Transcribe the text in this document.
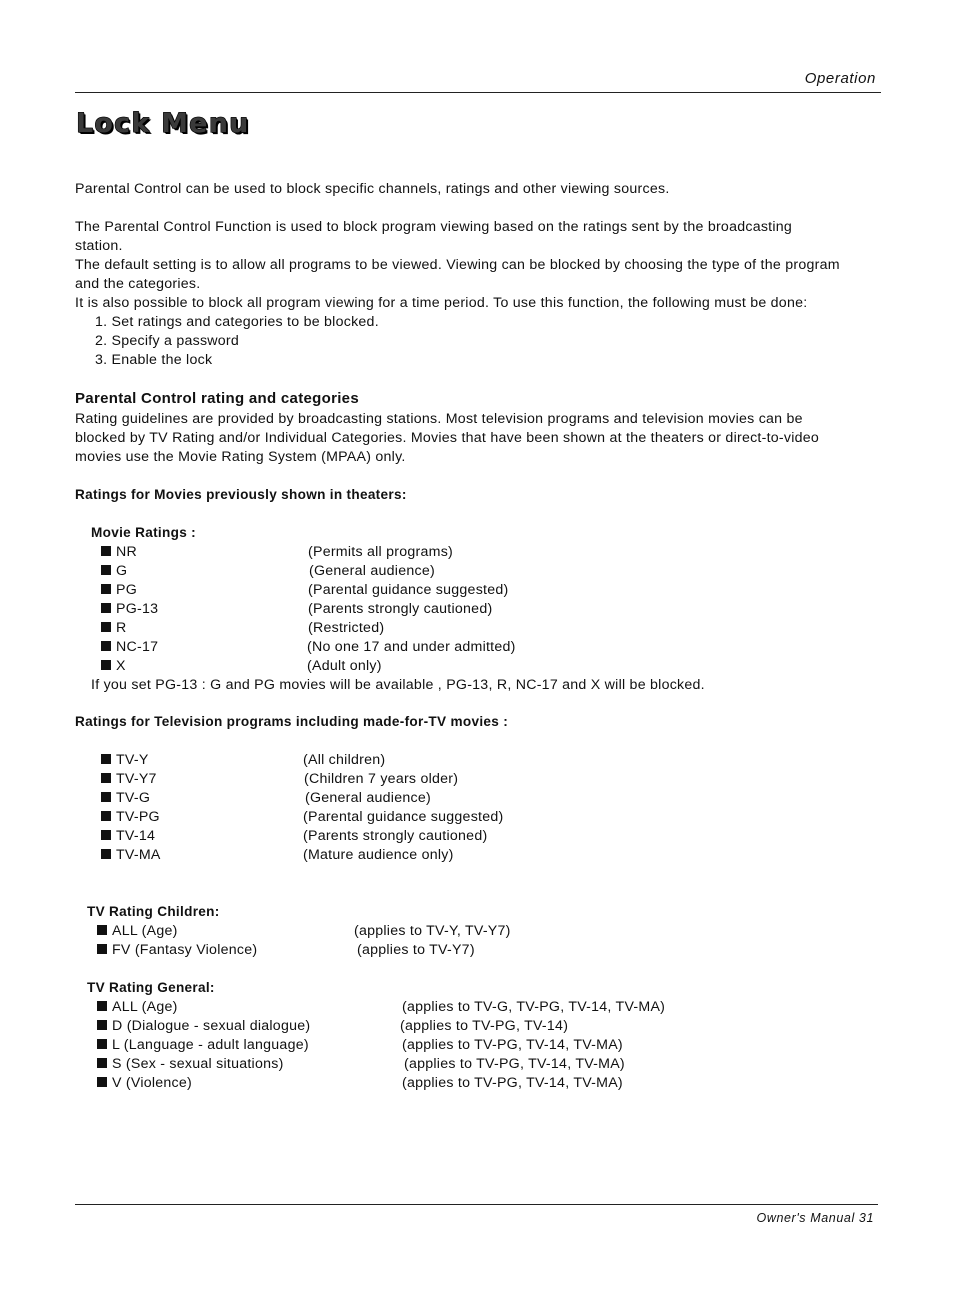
Operation
Lock Menu
Parental Control can be used to block specific channels, ratings and other viewing sources.
The Parental Control Function is used to block program viewing based on the ratings sent by the broadcasting
station.
The default setting is to allow all programs to be viewed. Viewing can be blocked by choosing the type of the program
and the categories.
It is also possible to block all program viewing for a time period. To use this function, the following must be done:
1. Set ratings and categories to be blocked.
2. Specify a password
3. Enable the lock
Parental Control rating and categories
Rating guidelines are provided by broadcasting stations. Most television programs and television movies can be
blocked by TV Rating and/or Individual Categories. Movies that have been shown at the theaters or direct-to-video
movies use the Movie Rating System (MPAA) only.
Ratings for Movies previously shown in theaters:
Movie Ratings :
NR	(Permits all programs)
G	(General audience)
PG	(Parental guidance suggested)
PG-13	(Parents strongly cautioned)
R	(Restricted)
NC-17	(No one 17 and under admitted)
X	(Adult only)
If you set PG-13 : G and PG movies will be available , PG-13, R, NC-17 and X will be blocked.
Ratings for Television programs including made-for-TV movies :
TV-Y	(All children)
TV-Y7	(Children 7 years older)
TV-G	(General audience)
TV-PG	(Parental guidance suggested)
TV-14	(Parents strongly cautioned)
TV-MA	(Mature audience only)
TV Rating Children:
ALL (Age)	(applies to TV-Y, TV-Y7)
FV (Fantasy Violence)	(applies to TV-Y7)
TV Rating General:
ALL (Age)	(applies to TV-G, TV-PG, TV-14, TV-MA)
D (Dialogue - sexual dialogue)	(applies to TV-PG, TV-14)
L (Language - adult language)	(applies to TV-PG, TV-14, TV-MA)
S (Sex - sexual situations)	(applies to TV-PG, TV-14, TV-MA)
V (Violence)	(applies to TV-PG, TV-14, TV-MA)
Owner's Manual 31
